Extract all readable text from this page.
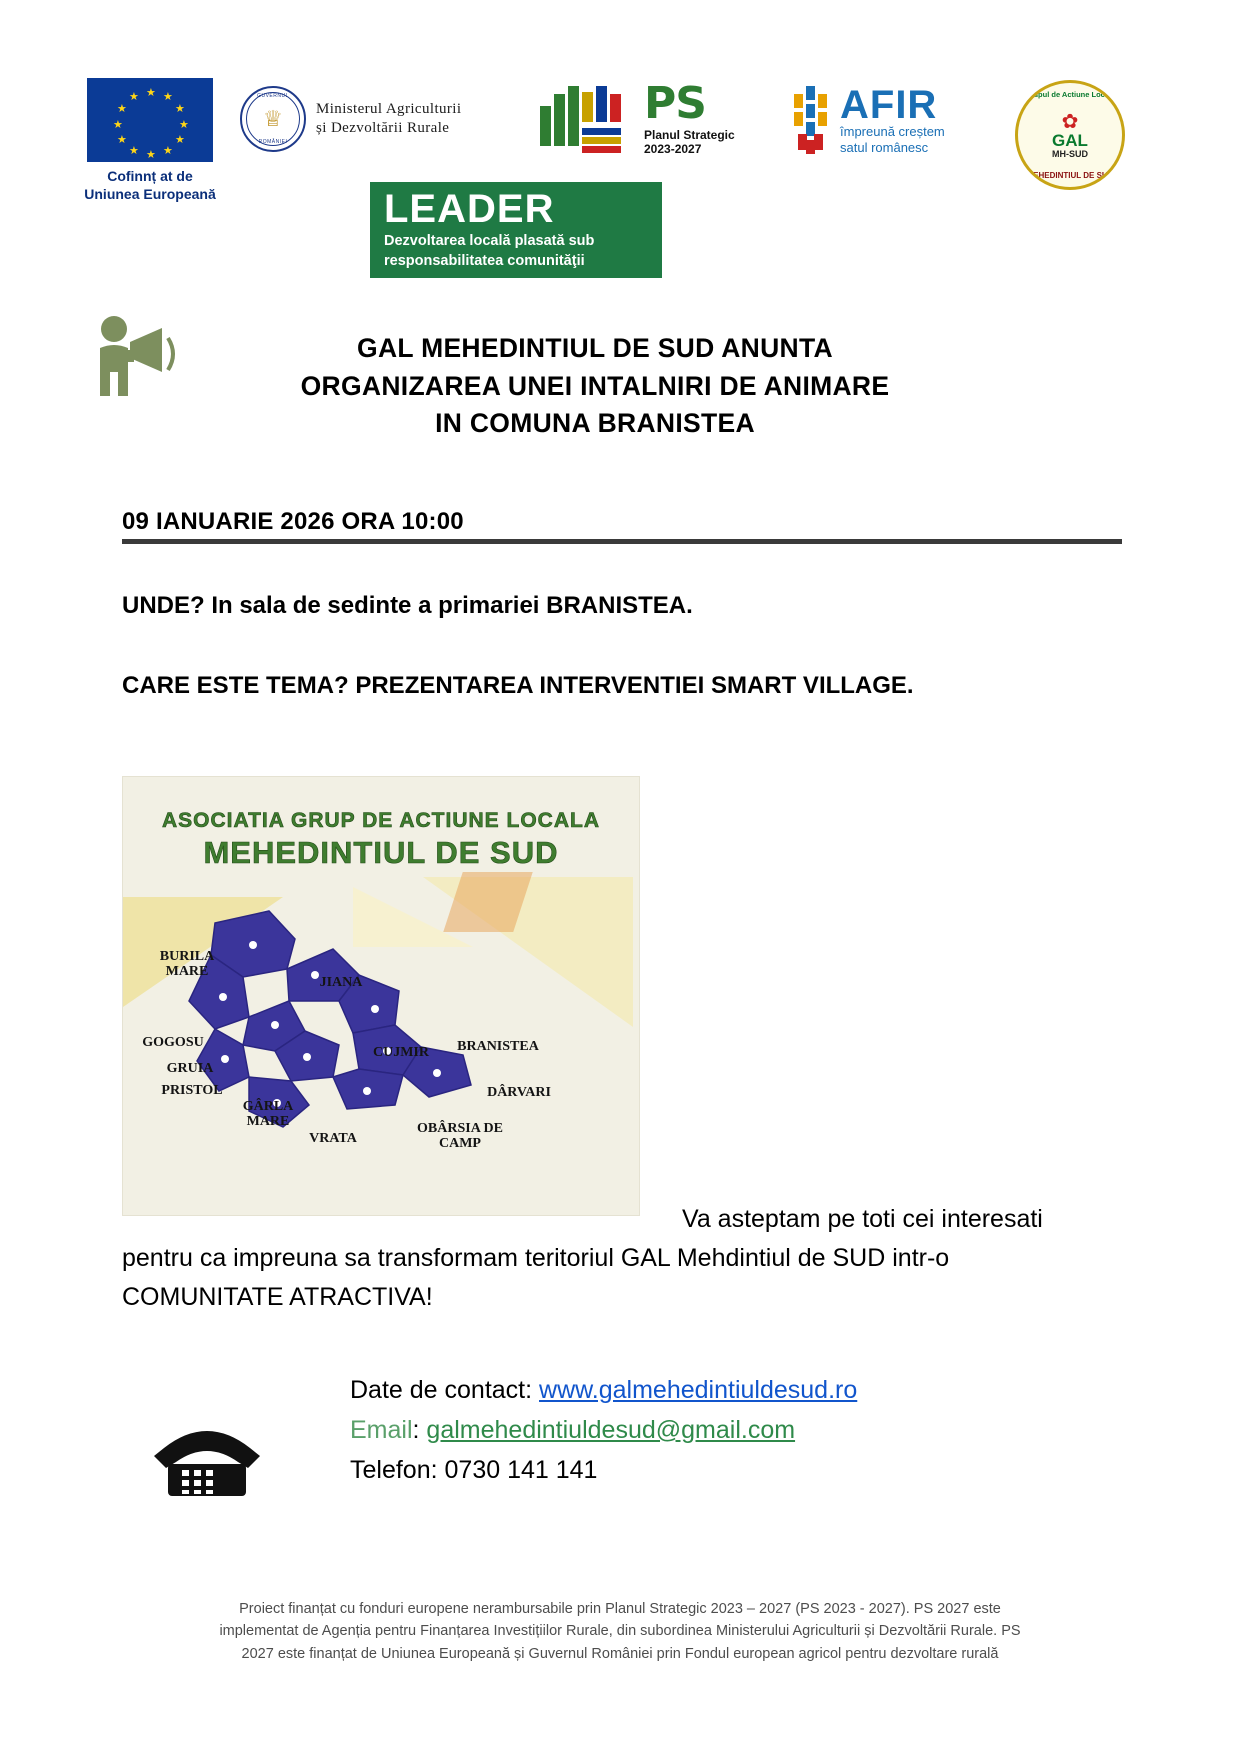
★ ★
★
★
★
★
★
★
★
★
★
★
Cofinnț at de
Uniunea Europeană
GUVERNUL
♕
ROMÂNIEI
Ministerul Agriculturii
și Dezvoltării Rurale	PS
Planul Strategic
2023-2027
AFIR
împreună creștem
satul românesc
Grupul de Actiune Locala
✿
GAL
MH-SUD
MEHEDINTIUL DE SUD
LEADER
Dezvoltarea locală plasată sub
responsabilitatea comunităţii
GAL MEHEDINTIUL DE SUD ANUNTA
ORGANIZAREA UNEI INTALNIRI DE ANIMARE
IN COMUNA BRANISTEA
09 IANUARIE 2026 ORA 10:00
UNDE? In sala de sedinte a primariei BRANISTEA.
CARE ESTE TEMA? PREZENTAREA INTERVENTIEI SMART VILLAGE.
ASOCIATIA GRUP DE ACTIUNE LOCALA
MEHEDINTIUL DE SUD
BURILA MARE
JIANA
GOGOSU
GRUIA
PRISTOL
CUJMIR	BRANISTEA
DÂRVARI
GÂRLA MARE
VRATA
OBÂRSIA DE CAMP
Va asteptam pe toti cei interesati pentru ca impreuna sa transformam teritoriul GAL Mehdintiul de SUD intr-o COMUNITATE ATRACTIVA!
Date de contact: www.galmehedintiuldesud.ro
Email: galmehedintiuldesud@gmail.com
Telefon: 0730 141 141
Proiect finanțat cu fonduri europene nerambursabile prin Planul Strategic 2023 – 2027 (PS 2023 - 2027). PS 2027 este
implementat de Agenția pentru Finanțarea Investițiilor Rurale, din subordinea Ministerului Agriculturii și Dezvoltării Rurale. PS
2027 este finanțat de Uniunea Europeană și Guvernul României prin Fondul european agricol pentru dezvoltare rurală
